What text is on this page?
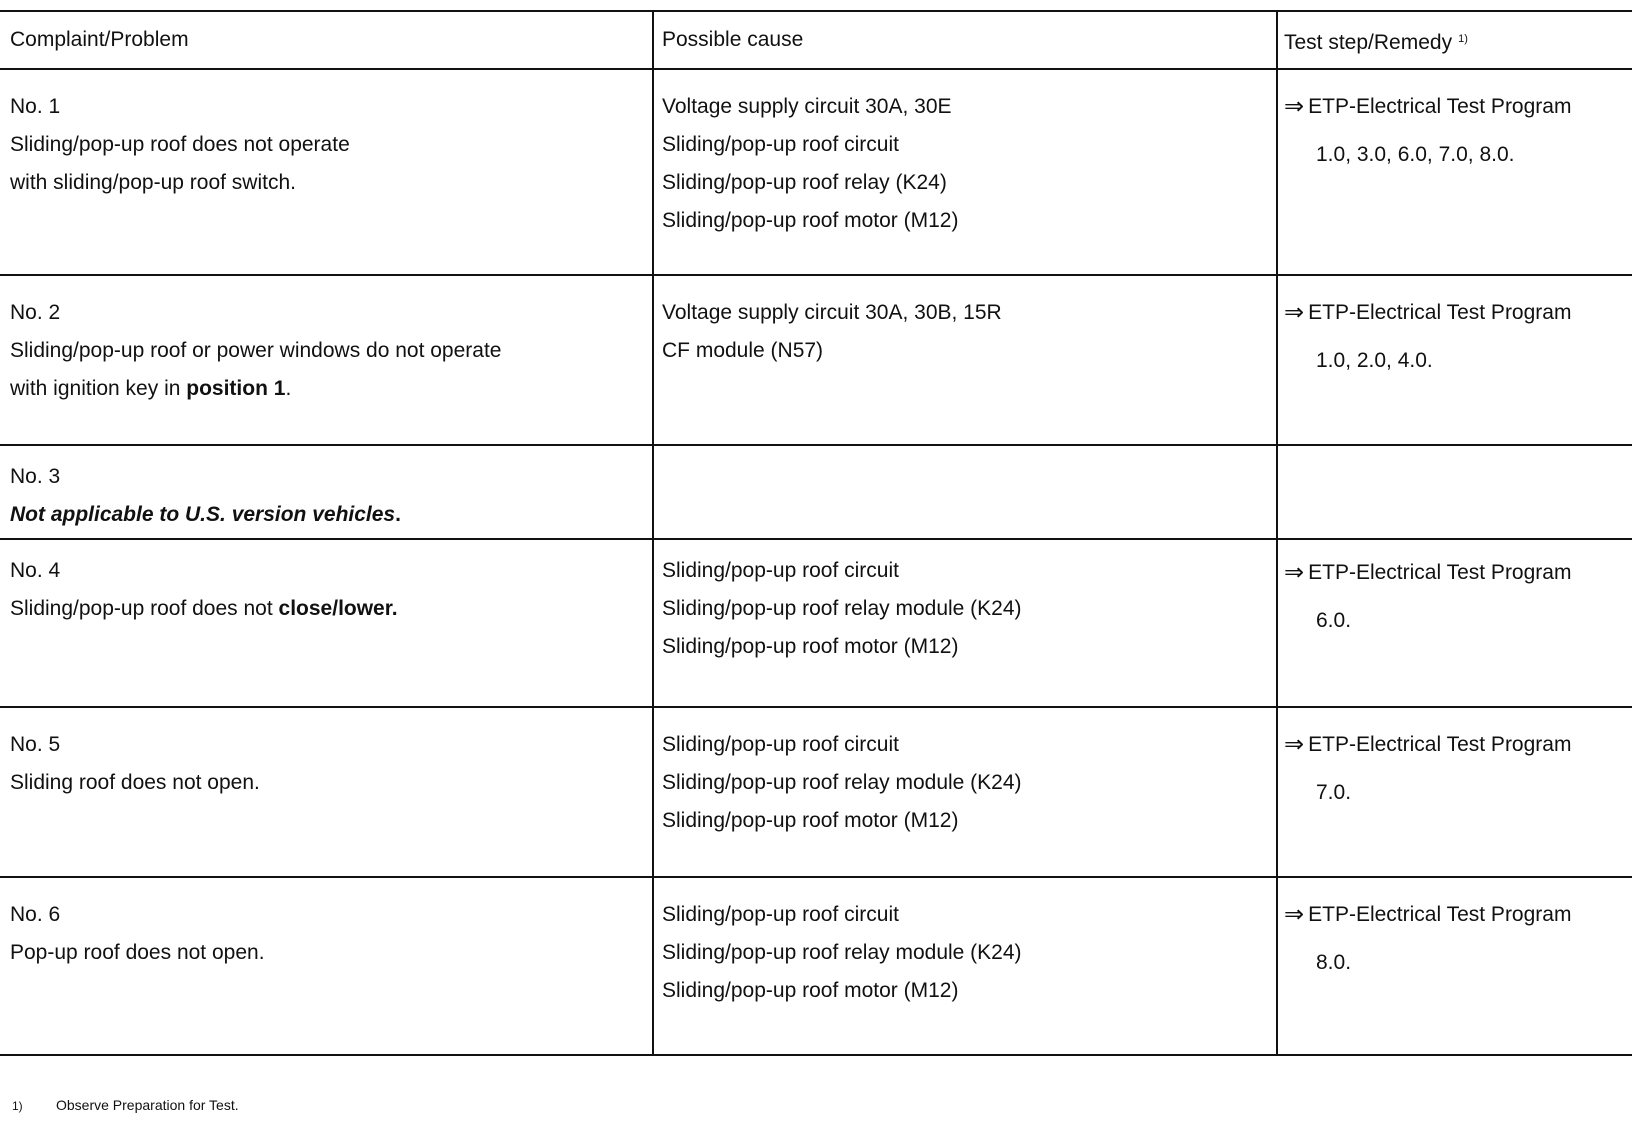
Complaint/Problem	Possible cause	Test step/Remedy $^{1)}$
No. 1
Sliding/pop-up roof does not operate
with sliding/pop-up roof switch.
Voltage supply circuit 30A, 30E
Sliding/pop-up roof circuit
Sliding/pop-up roof relay (K24)
Sliding/pop-up roof motor (M12)
⇒ ETP-Electrical Test Program
1.0, 3.0, 6.0, 7.0, 8.0.
No. 2
Sliding/pop-up roof or power windows do not operate
with ignition key in position 1.
Voltage supply circuit 30A, 30B, 15R
CF module (N57)
⇒ ETP-Electrical Test Program
1.0, 2.0, 4.0.
No. 3
Not applicable to U.S. version vehicles.
No. 4
Sliding/pop-up roof does not close/lower.
Sliding/pop-up roof circuit
Sliding/pop-up roof relay module (K24)
Sliding/pop-up roof motor (M12)
⇒ ETP-Electrical Test Program
6.0.
No. 5
Sliding roof does not open.
Sliding/pop-up roof circuit
Sliding/pop-up roof relay module (K24)
Sliding/pop-up roof motor (M12)
⇒ ETP-Electrical Test Program
7.0.
No. 6
Pop-up roof does not open.
Sliding/pop-up roof circuit
Sliding/pop-up roof relay module (K24)
Sliding/pop-up roof motor (M12)
⇒ ETP-Electrical Test Program
8.0.
1) Observe Preparation for Test.
